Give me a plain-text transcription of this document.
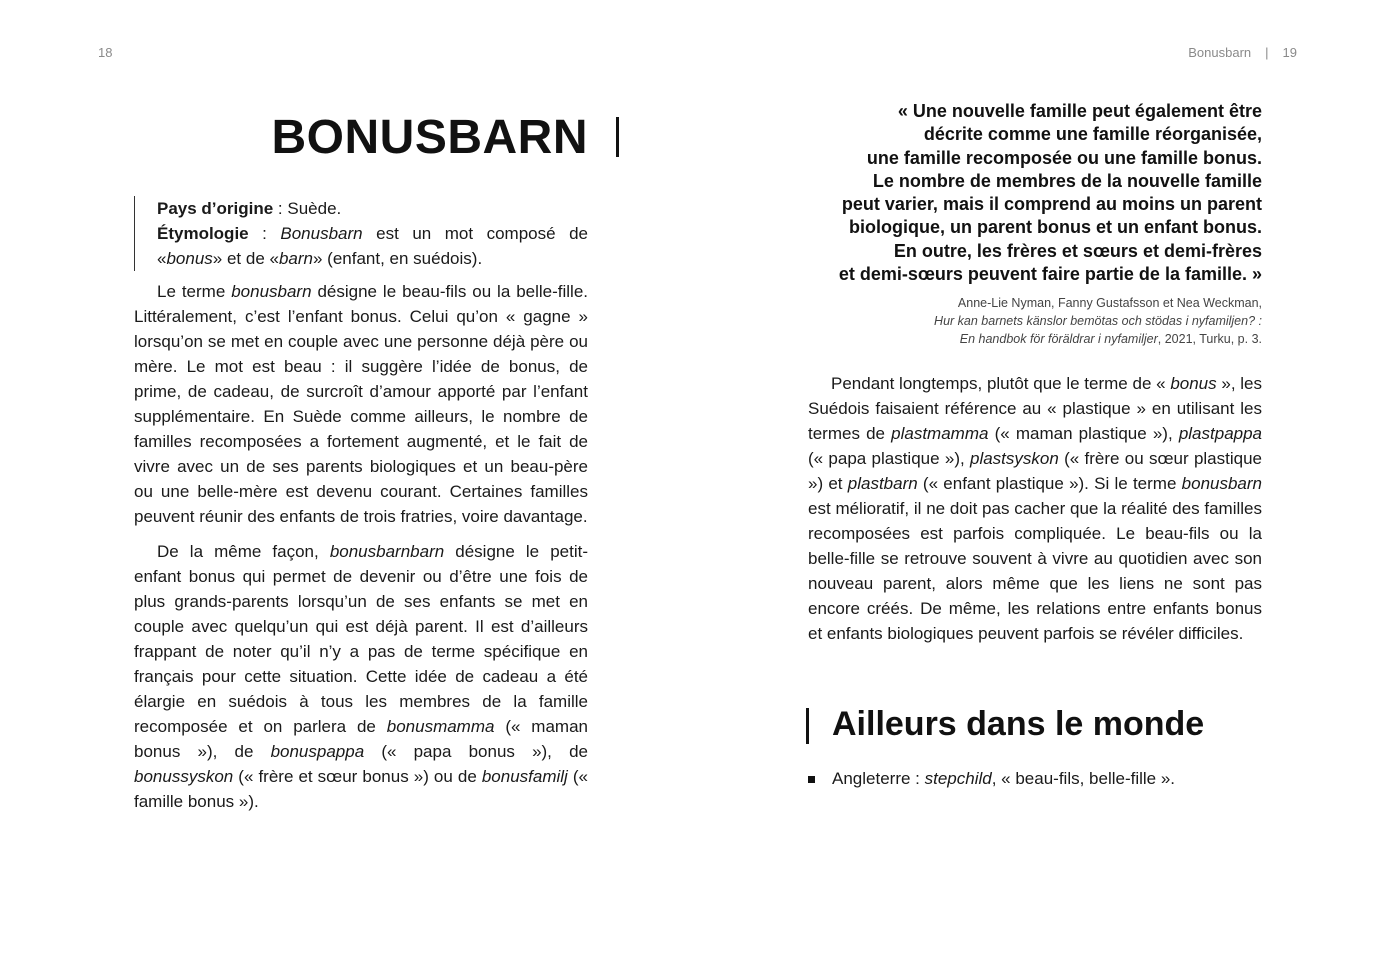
18	Bonusbarn | 19
BONUSBARN

Pays d’origine : Suède.

Étymologie : Bonusbarn est un mot composé de «bonus» et de «barn» (enfant, en suédois).

Le terme bonusbarn désigne le beau-fils ou la belle-fille. Littéralement, c’est l’enfant bonus. Celui qu’on « gagne » lorsqu’on se met en couple avec une personne déjà père ou mère. Le mot est beau : il suggère l’idée de bonus, de prime, de cadeau, de surcroît d’amour apporté par l’enfant supplémentaire. En Suède comme ailleurs, le nombre de familles recomposées a fortement augmenté, et le fait de vivre avec un de ses parents biologiques et un beau-père ou une belle-mère est devenu courant. Certaines familles peuvent réunir des enfants de trois fratries, voire davantage.

De la même façon, bonusbarnbarn désigne le petit-enfant bonus qui permet de devenir ou d’être une fois de plus grands-parents lorsqu’un de ses enfants se met en couple avec quelqu’un qui est déjà parent. Il est d’ailleurs frappant de noter qu’il n’y a pas de terme spécifique en français pour cette situation. Cette idée de cadeau a été élargie en suédois à tous les membres de la famille recomposée et on parlera de bonusmamma (« maman bonus »), de bonuspappa (« papa bonus »), de bonussyskon (« frère et sœur bonus ») ou de bonusfamilj (« famille bonus »).

« Une nouvelle famille peut également être
décrite comme une famille réorganisée,
une famille recomposée ou une famille bonus.
Le nombre de membres de la nouvelle famille
peut varier, mais il comprend au moins un parent
biologique, un parent bonus et un enfant bonus.
En outre, les frères et sœurs et demi-frères
et demi-sœurs peuvent faire partie de la famille. »
Anne-Lie Nyman, Fanny Gustafsson et Nea Weckman,
Hur kan barnets känslor bemötas och stödas i nyfamiljen? :
En handbok för föräldrar i nyfamiljer, 2021, Turku, p. 3.

Pendant longtemps, plutôt que le terme de « bonus », les Suédois faisaient référence au « plastique » en utilisant les termes de plastmamma (« maman plastique »), plastpappa (« papa plastique »), plastsyskon (« frère ou sœur plastique ») et plastbarn (« enfant plastique »). Si le terme bonusbarn est mélioratif, il ne doit pas cacher que la réalité des familles recomposées est parfois compliquée. Le beau-fils ou la belle-fille se retrouve souvent à vivre au quotidien avec son nouveau parent, alors même que les liens ne sont pas encore créés. De même, les relations entre enfants bonus et enfants biologiques peuvent parfois se révéler difficiles.

Ailleurs dans le monde
Angleterre : stepchild, « beau-fils, belle-fille ».
